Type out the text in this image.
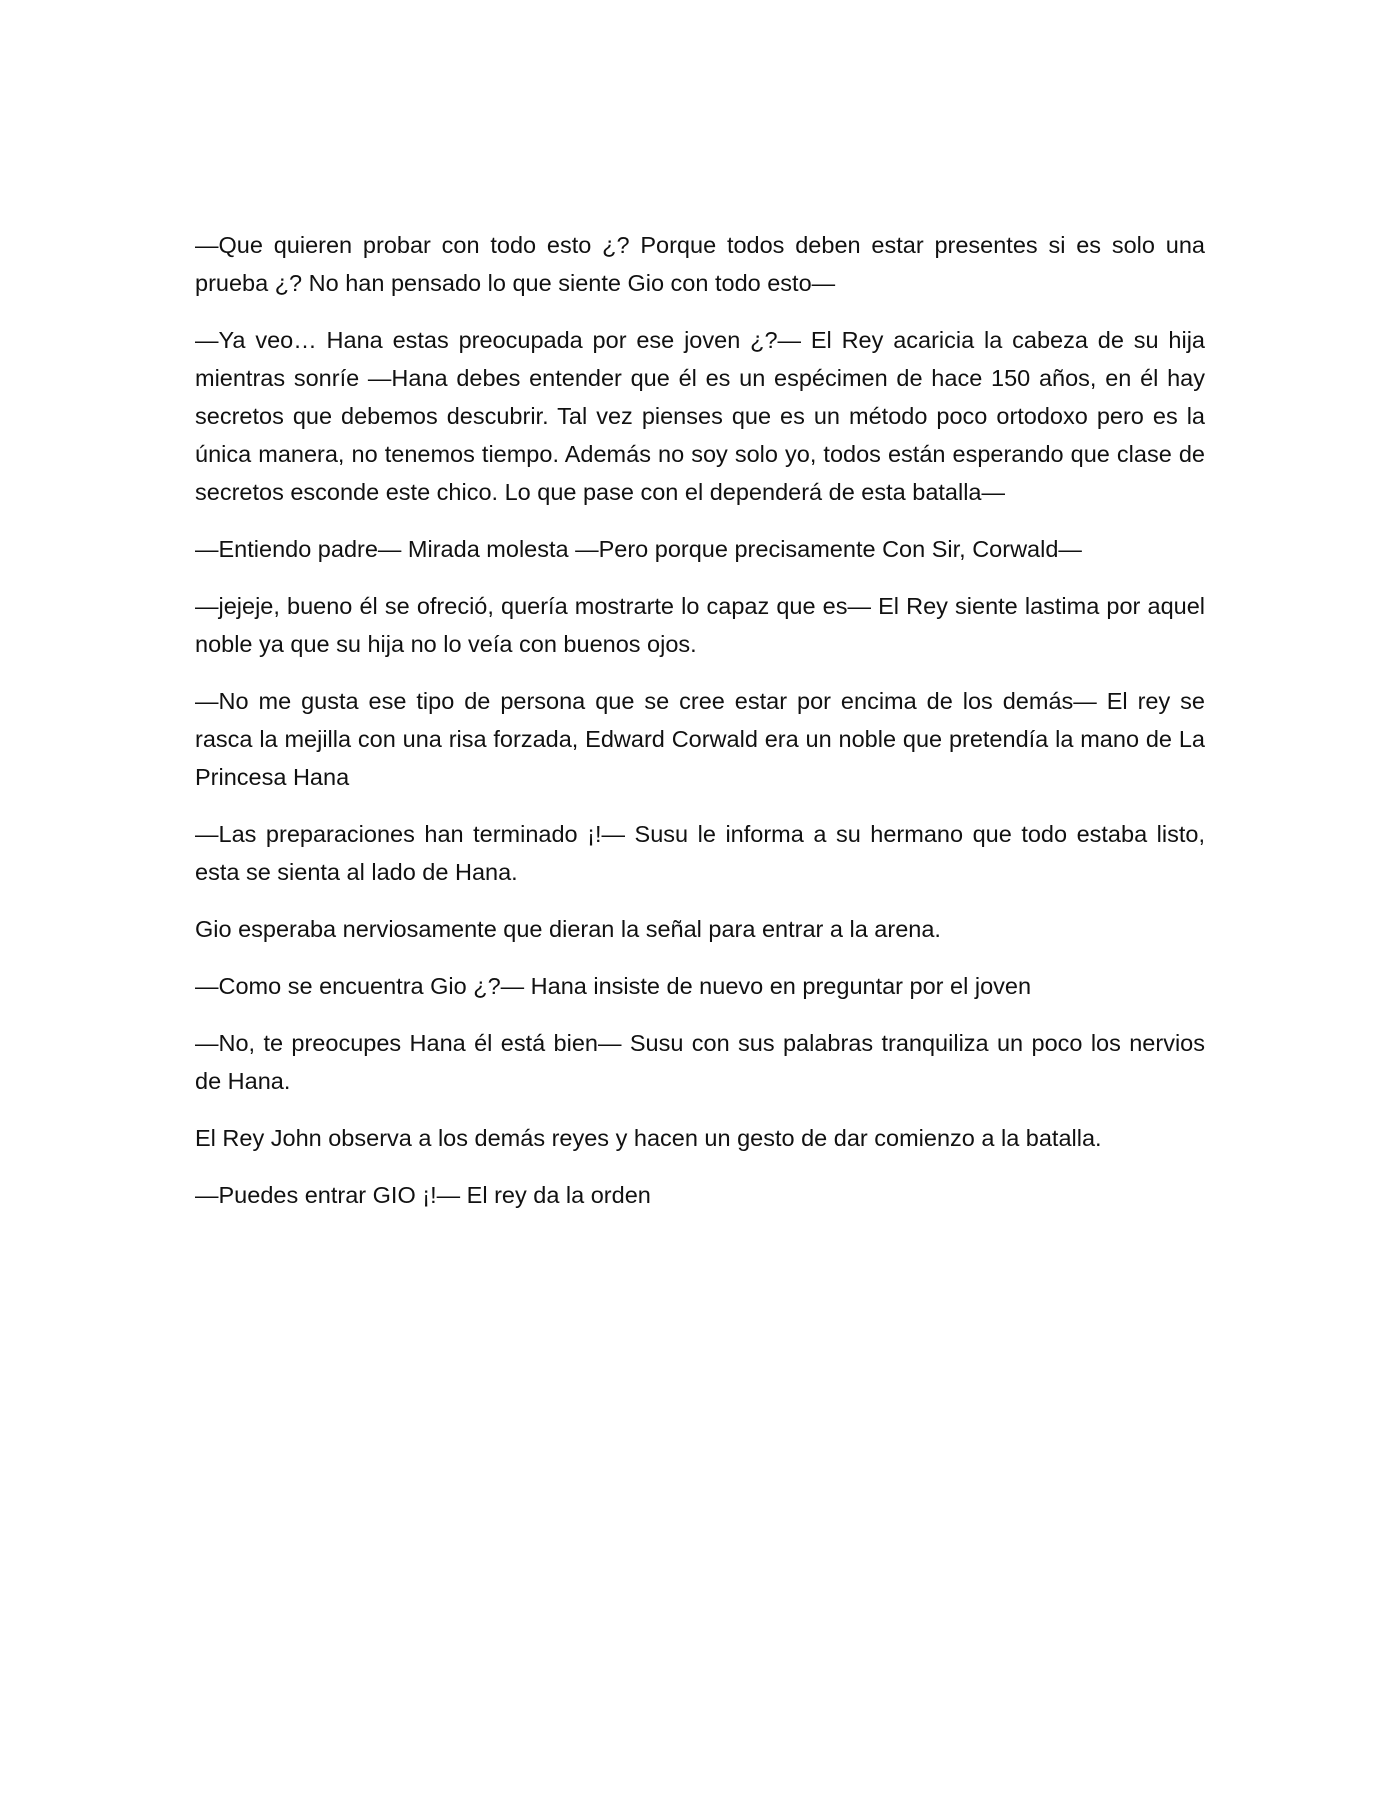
—Que quieren probar con todo esto ¿? Porque todos deben estar presentes si es solo una prueba ¿? No han pensado lo que siente Gio con todo esto—

—Ya veo… Hana estas preocupada por ese joven ¿?— El Rey acaricia la cabeza de su hija mientras sonríe —Hana debes entender que él es un espécimen de hace 150 años, en él hay secretos que debemos descubrir. Tal vez pienses que es un método poco ortodoxo pero es la única manera, no tenemos tiempo. Además no soy solo yo, todos están esperando que clase de secretos esconde este chico. Lo que pase con el dependerá de esta batalla—

—Entiendo padre— Mirada molesta —Pero porque precisamente Con Sir, Corwald—

—jejeje, bueno él se ofreció, quería mostrarte lo capaz que es— El Rey siente lastima por aquel noble ya que su hija no lo veía con buenos ojos.

—No me gusta ese tipo de persona que se cree estar por encima de los demás— El rey se rasca la mejilla con una risa forzada, Edward Corwald era un noble que pretendía la mano de La Princesa Hana

—Las preparaciones han terminado ¡!— Susu le informa a su hermano que todo estaba listo, esta se sienta al lado de Hana.

Gio esperaba nerviosamente que dieran la señal para entrar a la arena.

—Como se encuentra Gio ¿?— Hana insiste de nuevo en preguntar por el joven

—No, te preocupes Hana él está bien— Susu con sus palabras tranquiliza un poco los nervios de Hana.

El Rey John observa a los demás reyes y hacen un gesto de dar comienzo a la batalla.

—Puedes entrar GIO ¡!— El rey da la orden
